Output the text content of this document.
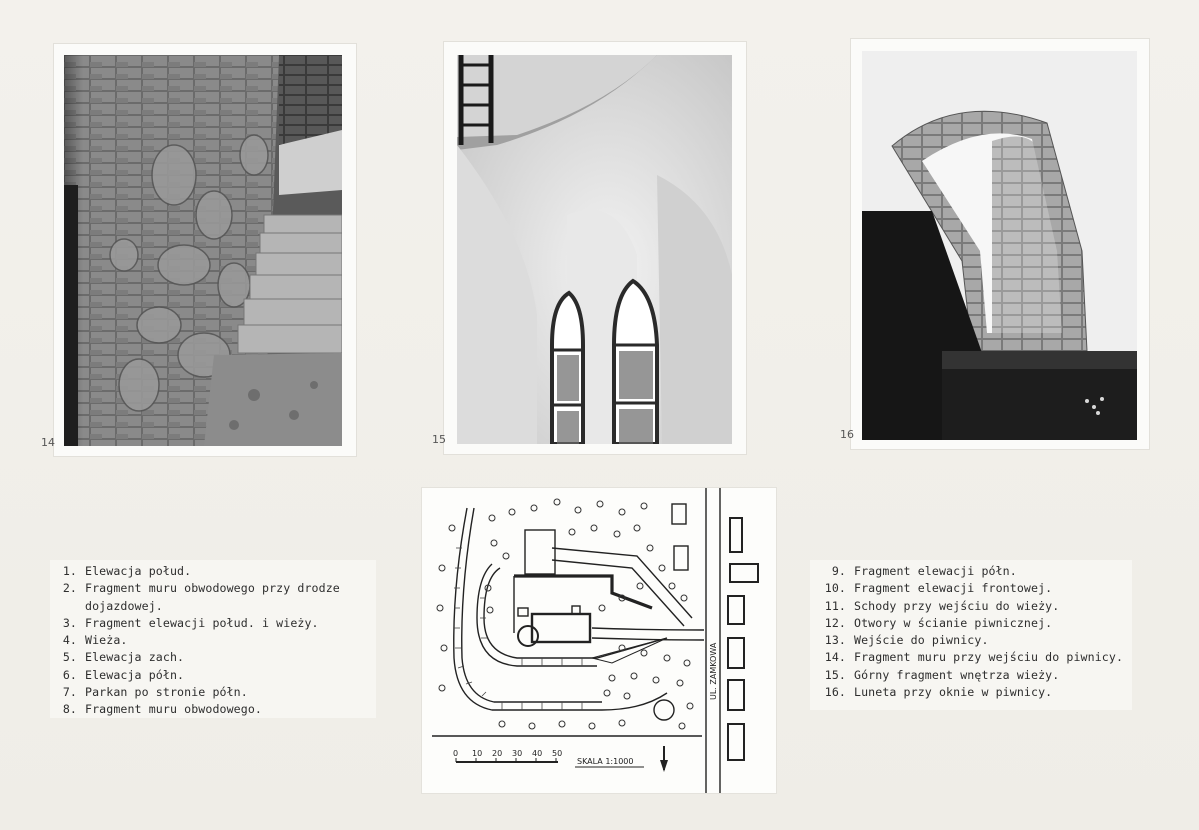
14	15	16
1. Elewacja połud.
2. Fragment muru obwodowego przy drodze dojazdowej.
3. Fragment elewacji połud. i wieży.
4. Wieża.
5. Elewacja zach.
6. Elewacja półn.
7. Parkan po stronie półn.
8. Fragment muru obwodowego.
9. Fragment elewacji półn.
10. Fragment elewacji frontowej.
11. Schody przy wejściu do wieży.
12. Otwory w ścianie piwnicznej.
13. Wejście do piwnicy.
14. Fragment muru przy wejściu do piwnicy.
15. Górny fragment wnętrza wieży.
16. Luneta przy oknie w piwnicy.
0 10 20 30 40 50
SKALA 1:1000
UL. ZAMKOWA
